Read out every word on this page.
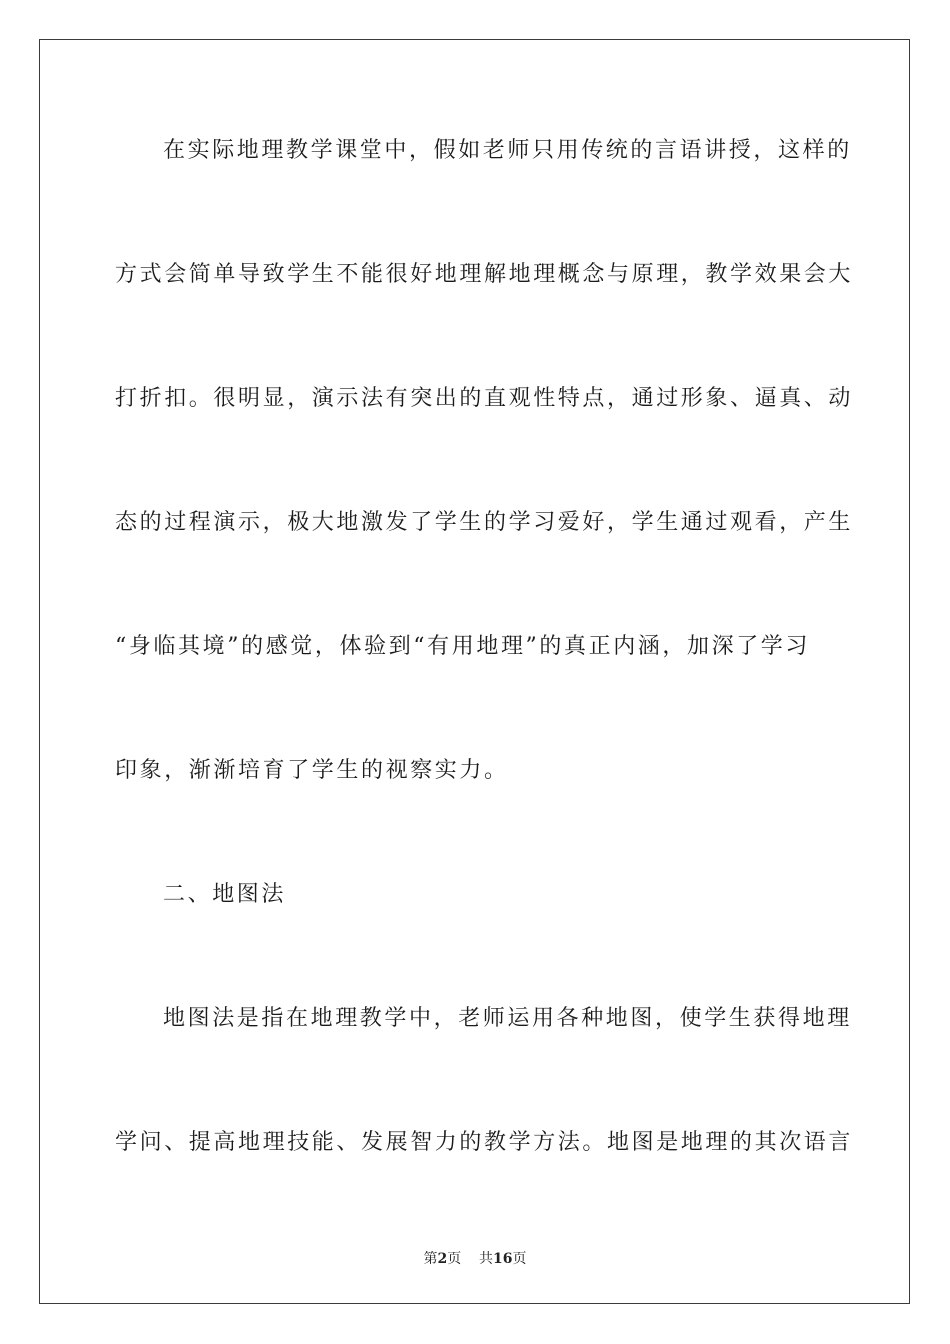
在实际地理教学课堂中，假如老师只用传统的言语讲授，这样的
方式会简单导致学生不能很好地理解地理概念与原理，教学效果会大
打折扣。很明显，演示法有突出的直观性特点，通过形象、逼真、动
态的过程演示，极大地激发了学生的学习爱好，学生通过观看，产生
“身临其境”的感觉，体验到“有用地理”的真正内涵，加深了学习
印象，渐渐培育了学生的视察实力。
二、地图法
地图法是指在地理教学中，老师运用各种地图，使学生获得地理
学问、提高地理技能、发展智力的教学方法。地图是地理的其次语言
第2页 共16页
